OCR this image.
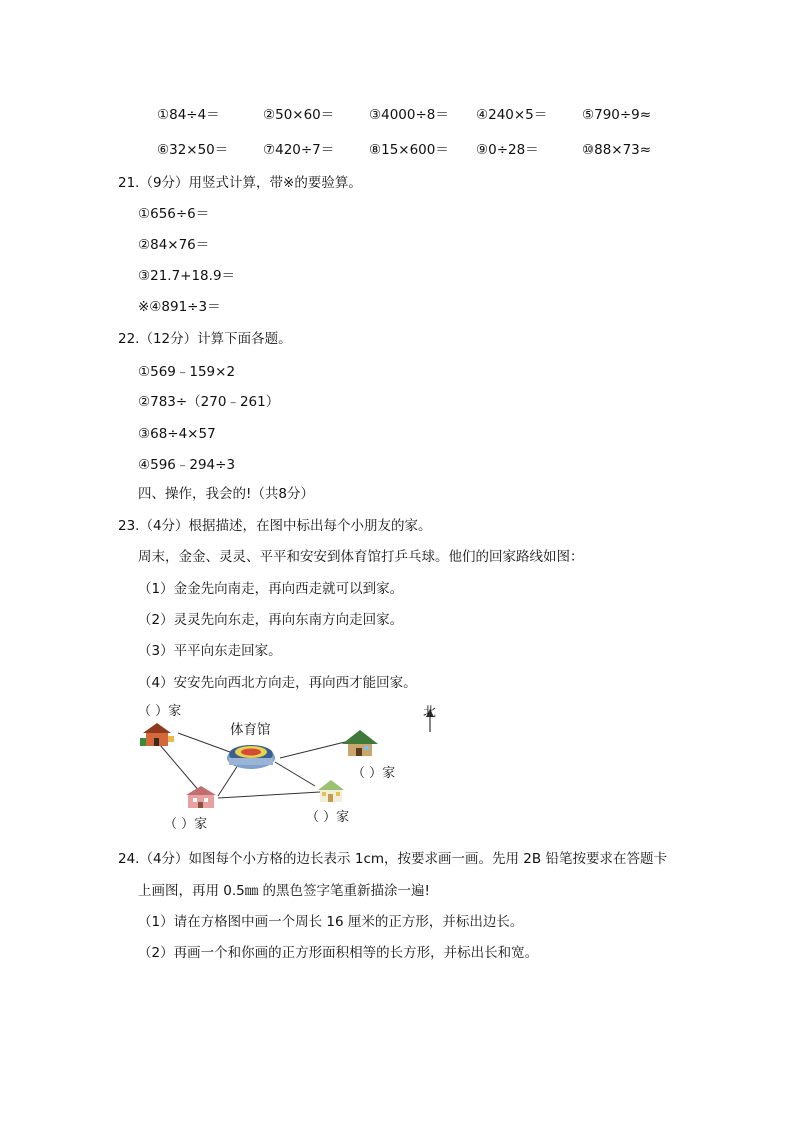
①84÷4＝	②50×60＝	③4000÷8＝ ④240×5＝	⑤790÷9≈
⑥32×50＝	⑦420÷7＝	⑧15×600＝ ⑨0÷28＝	⑩88×73≈
21.（9分）用竖式计算，带※的要验算。
①656÷6＝
②84×76＝
③21.7+18.9＝
※④891÷3＝
22.（12分）计算下面各题。
①569﹣159×2
②783÷（270﹣261）
③68÷4×57
④596﹣294÷3
四、操作，我会的!（共8分）
23.（4分）根据描述，在图中标出每个小朋友的家。
周末，金金、灵灵、平平和安安到体育馆打乒乓球。他们的回家路线如图：
（1）金金先向南走，再向西走就可以到家。
（2）灵灵先向东走，再向东南方向走回家。
（3）平平向东走回家。
（4）安安先向西北方向走，再向西才能回家。
体育馆
北
（ ）家
（ ）家
（ ）家	（ ）家
24.（4分）如图每个小方格的边长表示 1cm，按要求画一画。先用 2B 铅笔按要求在答题卡
上画图，再用 0.5㎜ 的黑色签字笔重新描涂一遍!
（1）请在方格图中画一个周长 16 厘米的正方形，并标出边长。
（2）再画一个和你画的正方形面积相等的长方形，并标出长和宽。
